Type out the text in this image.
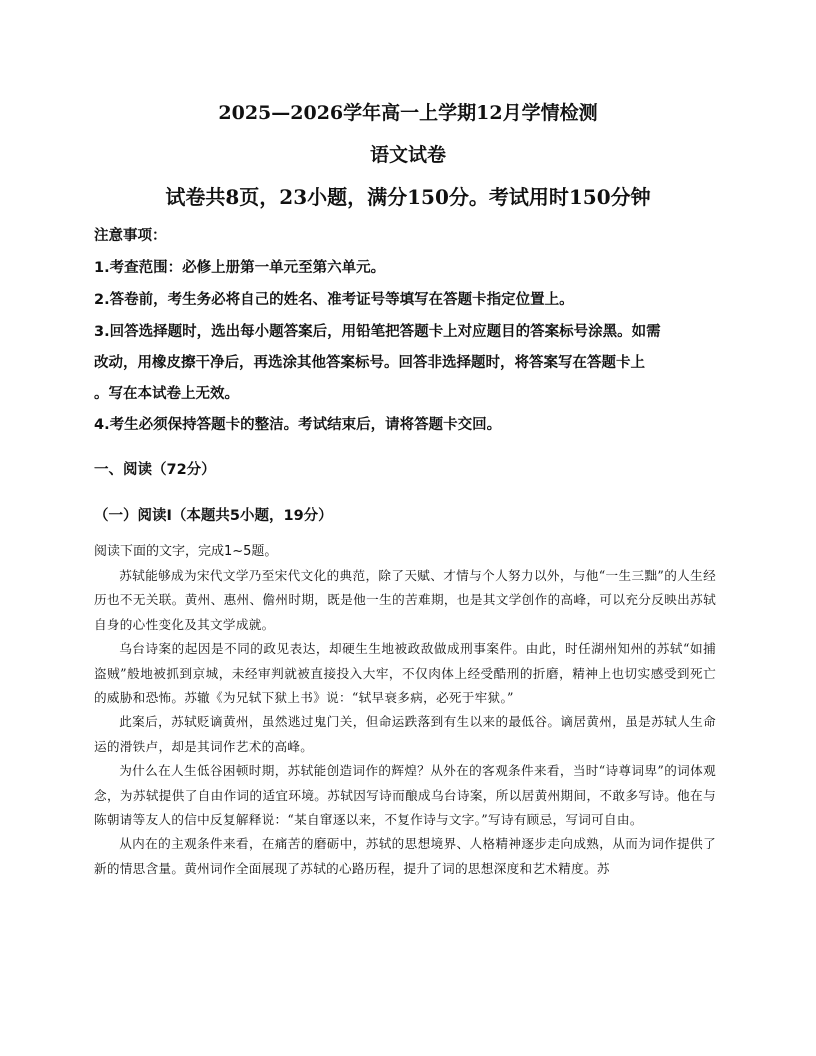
2025—2026学年高一上学期12月学情检测
语文试卷
试卷共8页，23小题，满分150分。考试用时150分钟
注意事项：
1.考查范围：必修上册第一单元至第六单元。
2.答卷前，考生务必将自己的姓名、准考证号等填写在答题卡指定位置上。
3.回答选择题时，选出每小题答案后，用铅笔把答题卡上对应题目的答案标号涂黑。如需
改动，用橡皮擦干净后，再选涂其他答案标号。回答非选择题时，将答案写在答题卡上
。写在本试卷上无效。
4.考生必须保持答题卡的整洁。考试结束后，请将答题卡交回。
一、阅读（72分）
（一）阅读Ⅰ（本题共5小题，19分）
阅读下面的文字，完成1~5题。

苏轼能够成为宋代文学乃至宋代文化的典范，除了天赋、才情与个人努力以外，与他“一生三黜”的人生经历也不无关联。黄州、惠州、儋州时期，既是他一生的苦难期，也是其文学创作的高峰，可以充分反映出苏轼自身的心性变化及其文学成就。

乌台诗案的起因是不同的政见表达，却硬生生地被政敌做成刑事案件。由此，时任湖州知州的苏轼“如捕盗贼”般地被抓到京城，未经审判就被直接投入大牢，不仅肉体上经受酷刑的折磨，精神上也切实感受到死亡的威胁和恐怖。苏辙《为兄轼下狱上书》说：“轼早衰多病，必死于牢狱。”

此案后，苏轼贬谪黄州，虽然逃过鬼门关，但命运跌落到有生以来的最低谷。谪居黄州，虽是苏轼人生命运的滑铁卢，却是其词作艺术的高峰。

为什么在人生低谷困顿时期，苏轼能创造词作的辉煌？从外在的客观条件来看，当时“诗尊词卑”的词体观念，为苏轼提供了自由作词的适宜环境。苏轼因写诗而酿成乌台诗案，所以居黄州期间，不敢多写诗。他在与陈朝请等友人的信中反复解释说：“某自窜逐以来，不复作诗与文字。”写诗有顾忌，写词可自由。

从内在的主观条件来看，在痛苦的磨砺中，苏轼的思想境界、人格精神逐步走向成熟，从而为词作提供了新的情思含量。黄州词作全面展现了苏轼的心路历程，提升了词的思想深度和艺术精度。苏
